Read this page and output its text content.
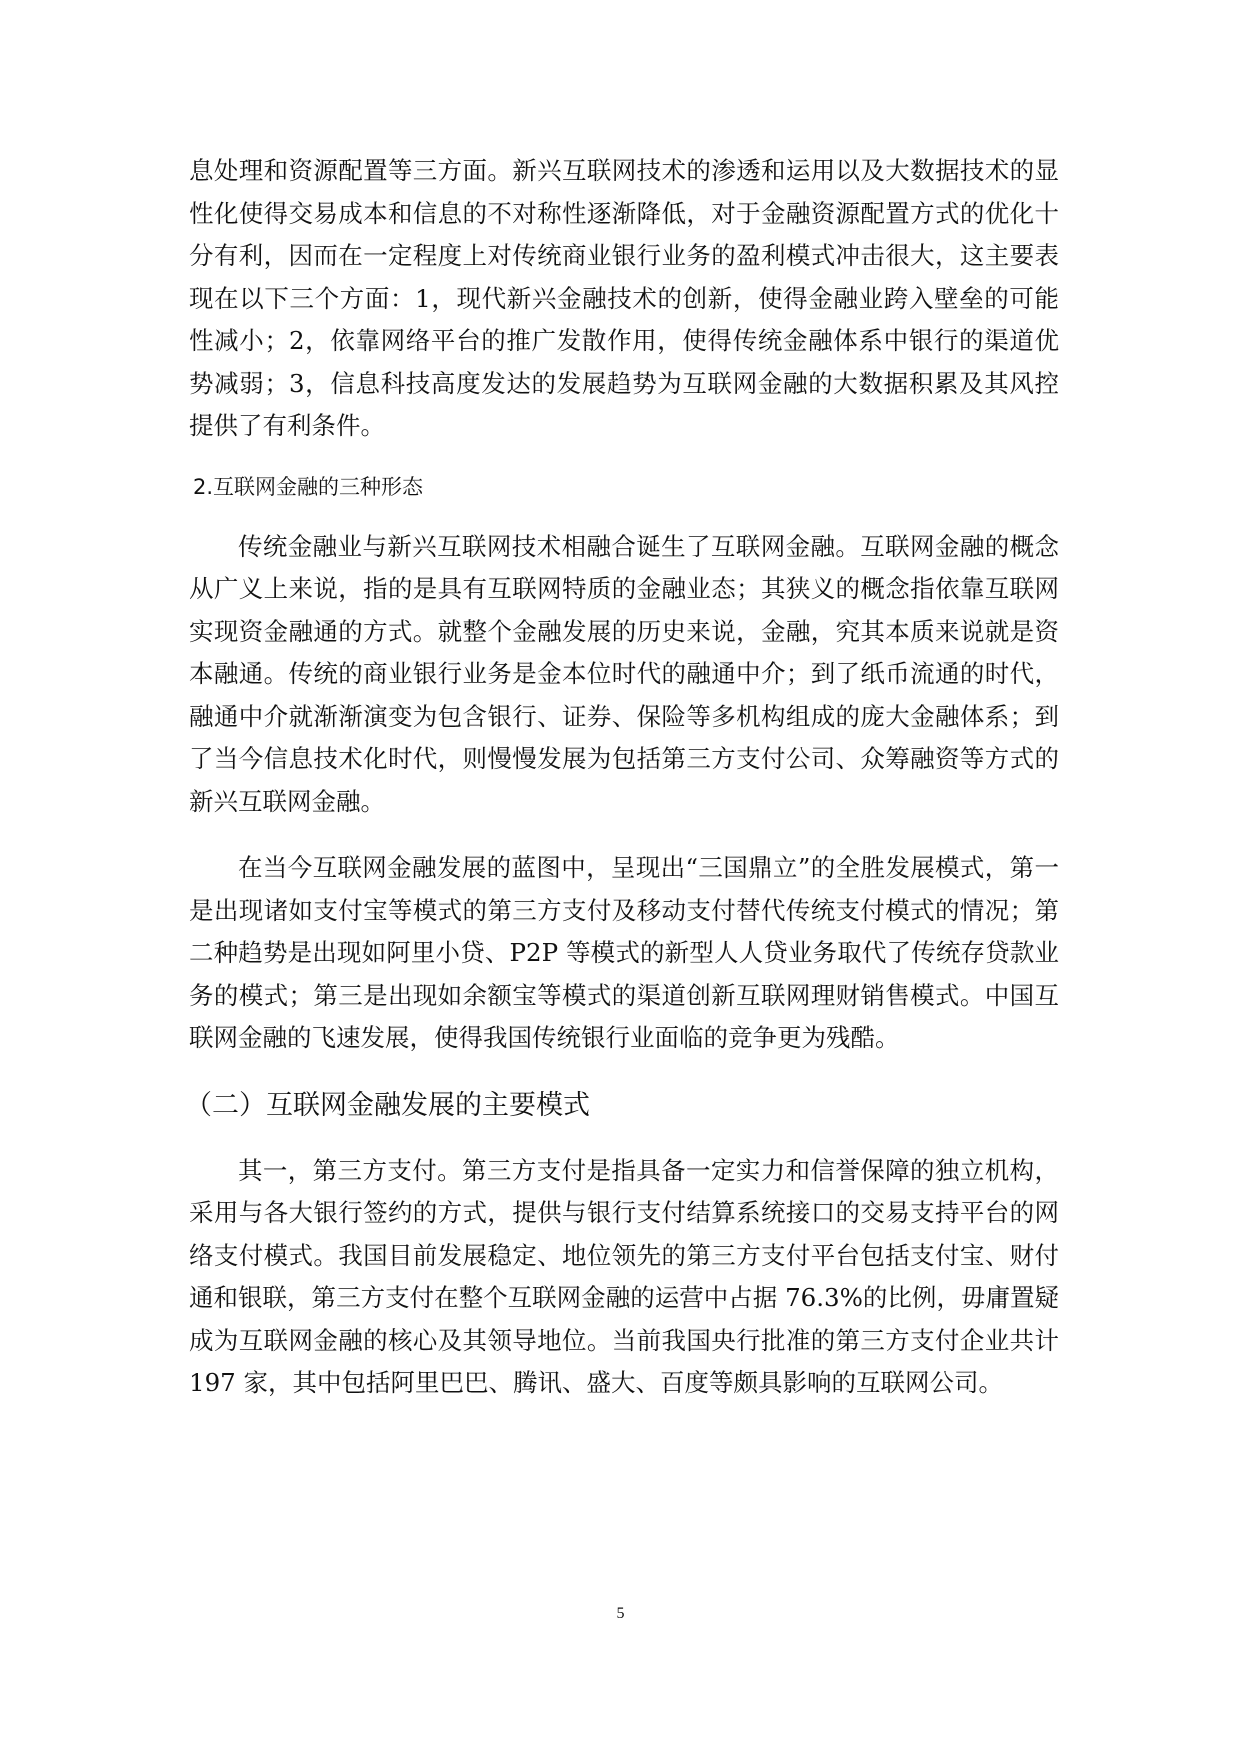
息处理和资源配置等三方面。新兴互联网技术的渗透和运用以及大数据技术的显性化使得交易成本和信息的不对称性逐渐降低，对于金融资源配置方式的优化十分有利，因而在一定程度上对传统商业银行业务的盈利模式冲击很大，这主要表现在以下三个方面：1，现代新兴金融技术的创新，使得金融业跨入壁垒的可能性减小；2，依靠网络平台的推广发散作用，使得传统金融体系中银行的渠道优势减弱；3，信息科技高度发达的发展趋势为互联网金融的大数据积累及其风控提供了有利条件。

2.互联网金融的三种形态

传统金融业与新兴互联网技术相融合诞生了互联网金融。互联网金融的概念从广义上来说，指的是具有互联网特质的金融业态；其狭义的概念指依靠互联网实现资金融通的方式。就整个金融发展的历史来说，金融，究其本质来说就是资本融通。传统的商业银行业务是金本位时代的融通中介；到了纸币流通的时代，融通中介就渐渐演变为包含银行、证券、保险等多机构组成的庞大金融体系；到了当今信息技术化时代，则慢慢发展为包括第三方支付公司、众筹融资等方式的新兴互联网金融。

在当今互联网金融发展的蓝图中，呈现出“三国鼎立”的全胜发展模式，第一是出现诸如支付宝等模式的第三方支付及移动支付替代传统支付模式的情况；第二种趋势是出现如阿里小贷、P2P 等模式的新型人人贷业务取代了传统存贷款业务的模式；第三是出现如余额宝等模式的渠道创新互联网理财销售模式。中国互联网金融的飞速发展，使得我国传统银行业面临的竞争更为残酷。

（二）互联网金融发展的主要模式

其一，第三方支付。第三方支付是指具备一定实力和信誉保障的独立机构，采用与各大银行签约的方式，提供与银行支付结算系统接口的交易支持平台的网络支付模式。我国目前发展稳定、地位领先的第三方支付平台包括支付宝、财付通和银联，第三方支付在整个互联网金融的运营中占据 76.3%的比例，毋庸置疑成为互联网金融的核心及其领导地位。当前我国央行批准的第三方支付企业共计 197 家，其中包括阿里巴巴、腾讯、盛大、百度等颇具影响的互联网公司。

5
